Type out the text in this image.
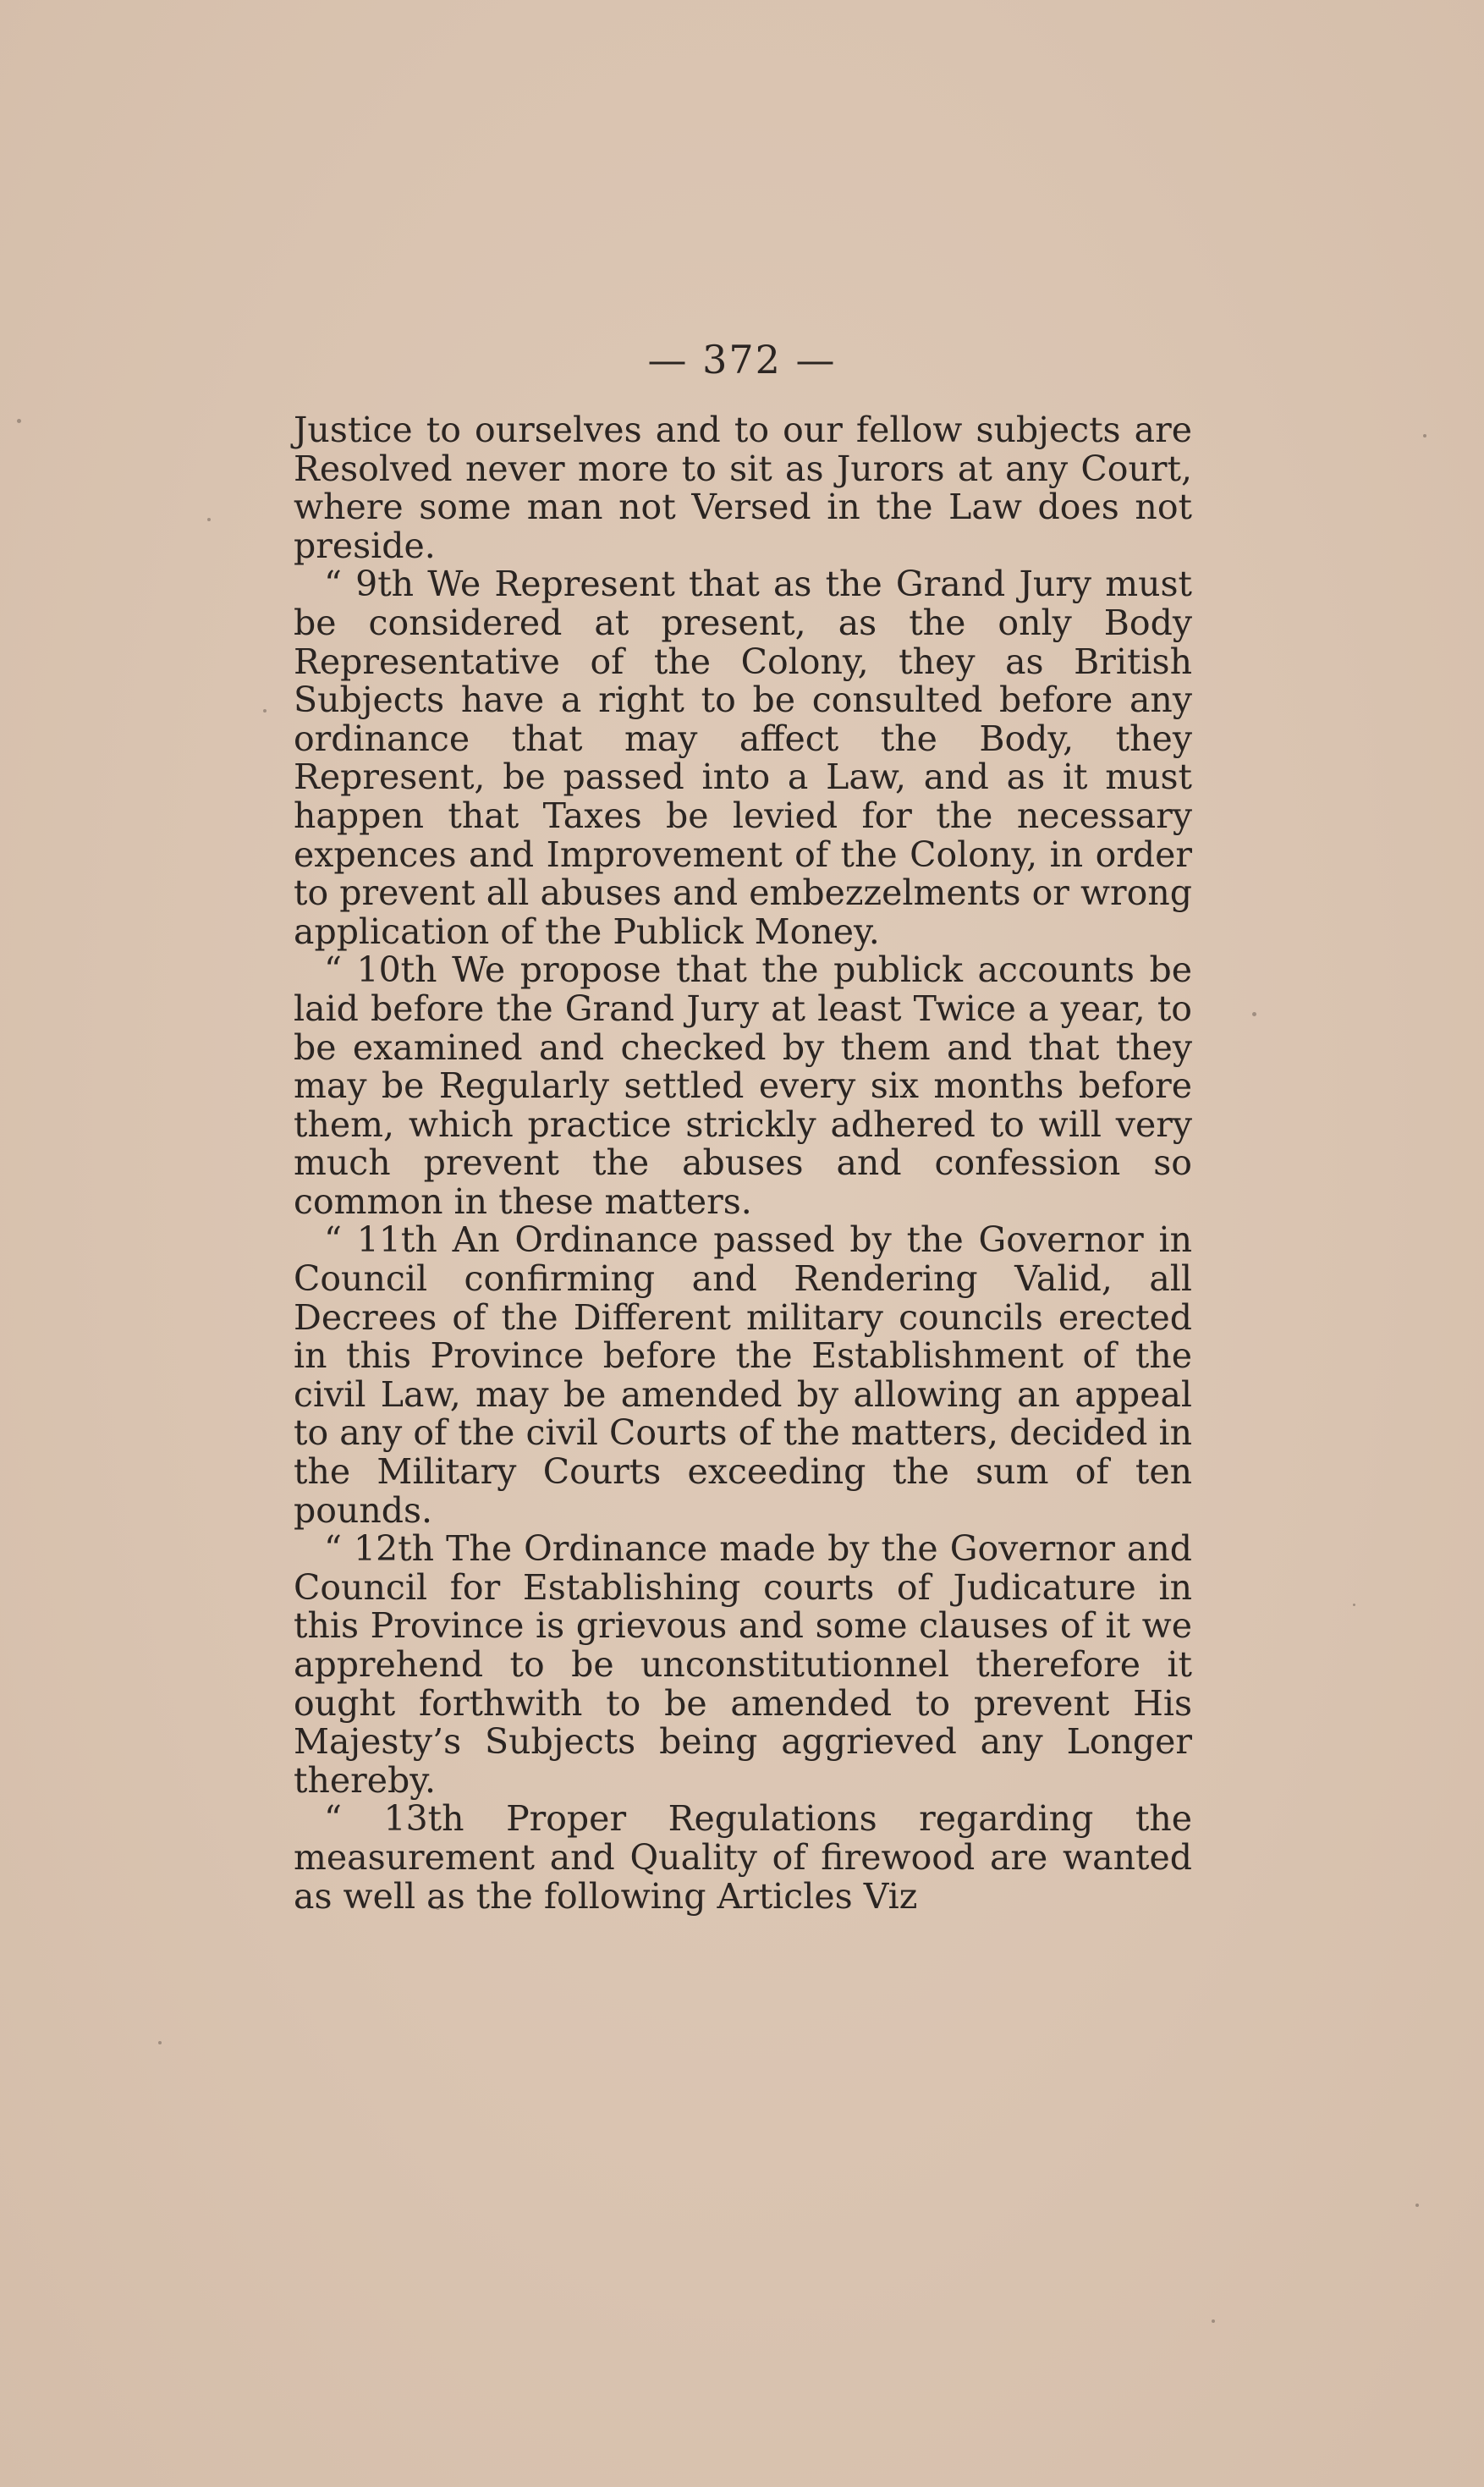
— 372 —

Justice to ourselves and to our fellow subjects are Resolved never more to sit as Jurors at any Court, where some man not Versed in the Law does not preside.

“ 9th We Represent that as the Grand Jury must be considered at present, as the only Body Representative of the Colony, they as British Subjects have a right to be consulted before any ordinance that may affect the Body, they Represent, be passed into a Law, and as it must happen that Taxes be levied for the necessary expences and Improvement of the Colony, in order to prevent all abuses and embezzelments or wrong application of the Publick Money.

“ 10th We propose that the publick accounts be laid before the Grand Jury at least Twice a year, to be examined and checked by them and that they may be Regularly settled every six months before them, which practice strickly adhered to will very much prevent the abuses and confession so common in these matters.

“ 11th An Ordinance passed by the Governor in Council confirming and Rendering Valid, all Decrees of the Different military councils erected in this Province before the Establishment of the civil Law, may be amended by allowing an appeal to any of the civil Courts of the matters, decided in the Military Courts exceeding the sum of ten pounds.

“ 12th The Ordinance made by the Governor and Council for Establishing courts of Judicature in this Province is grievous and some clauses of it we apprehend to be unconstitutionnel therefore it ought forthwith to be amended to prevent His Majesty’s Subjects being aggrieved any Longer thereby.

“ 13th Proper Regulations regarding the measurement and Quality of firewood are wanted as well as the following Articles Viz
